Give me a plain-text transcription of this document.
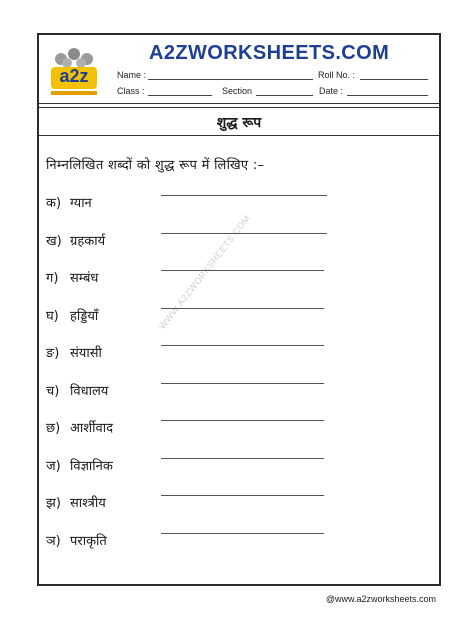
a2z
A2ZWORKSHEETS.COM
Name :	Roll No. :
Class :	Section	Date :
शुद्ध रूप
निम्नलिखित शब्दों को शुद्ध रूप में लिखिए :–
WWW.A2ZWORKSHEETS.COM
क) ग्यान
ख) ग्रहकार्य
ग) सम्बंध
घ) हड्डियाँ
ङ) संयासी
च) विधालय
छ) आर्शीवाद
ज) विज्ञानिक
झ) साश्त्रीय
ञ) पराकृति
@www.a2zworksheets.com
